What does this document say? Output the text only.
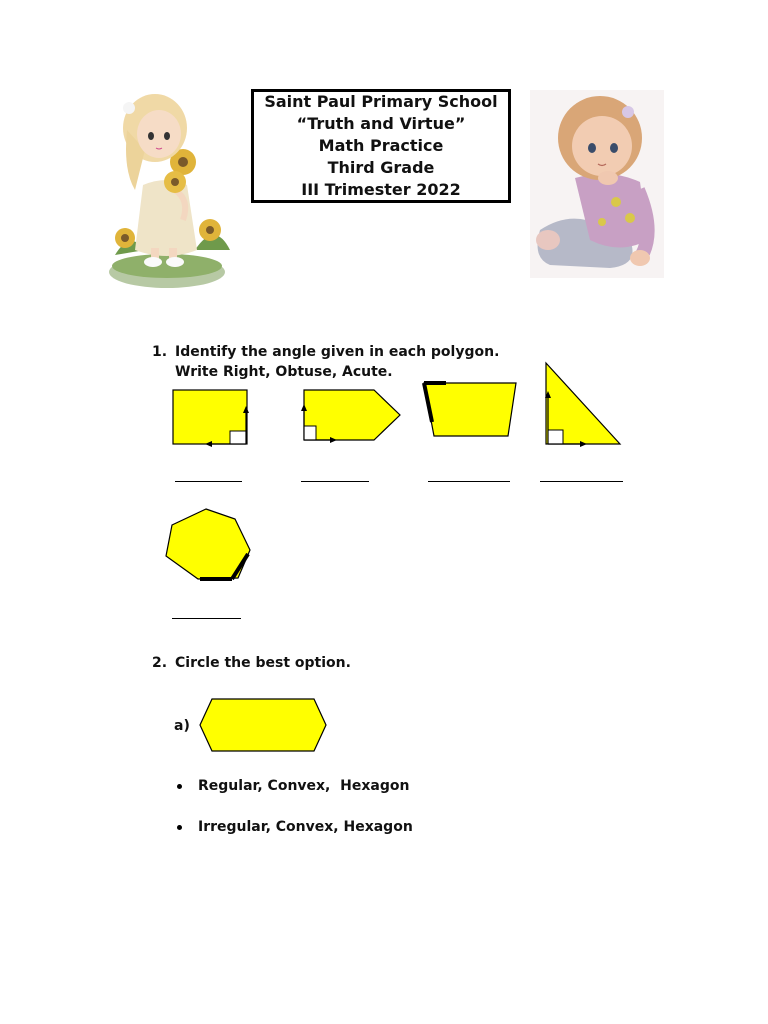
Saint Paul Primary School
“Truth and Virtue”
Math Practice
Third Grade
III Trimester 2022
1. Identify the angle given in each polygon.
Write Right, Obtuse, Acute.
2. Circle the best option.
a)
Regular, Convex,  Hexagon
Irregular, Convex, Hexagon
